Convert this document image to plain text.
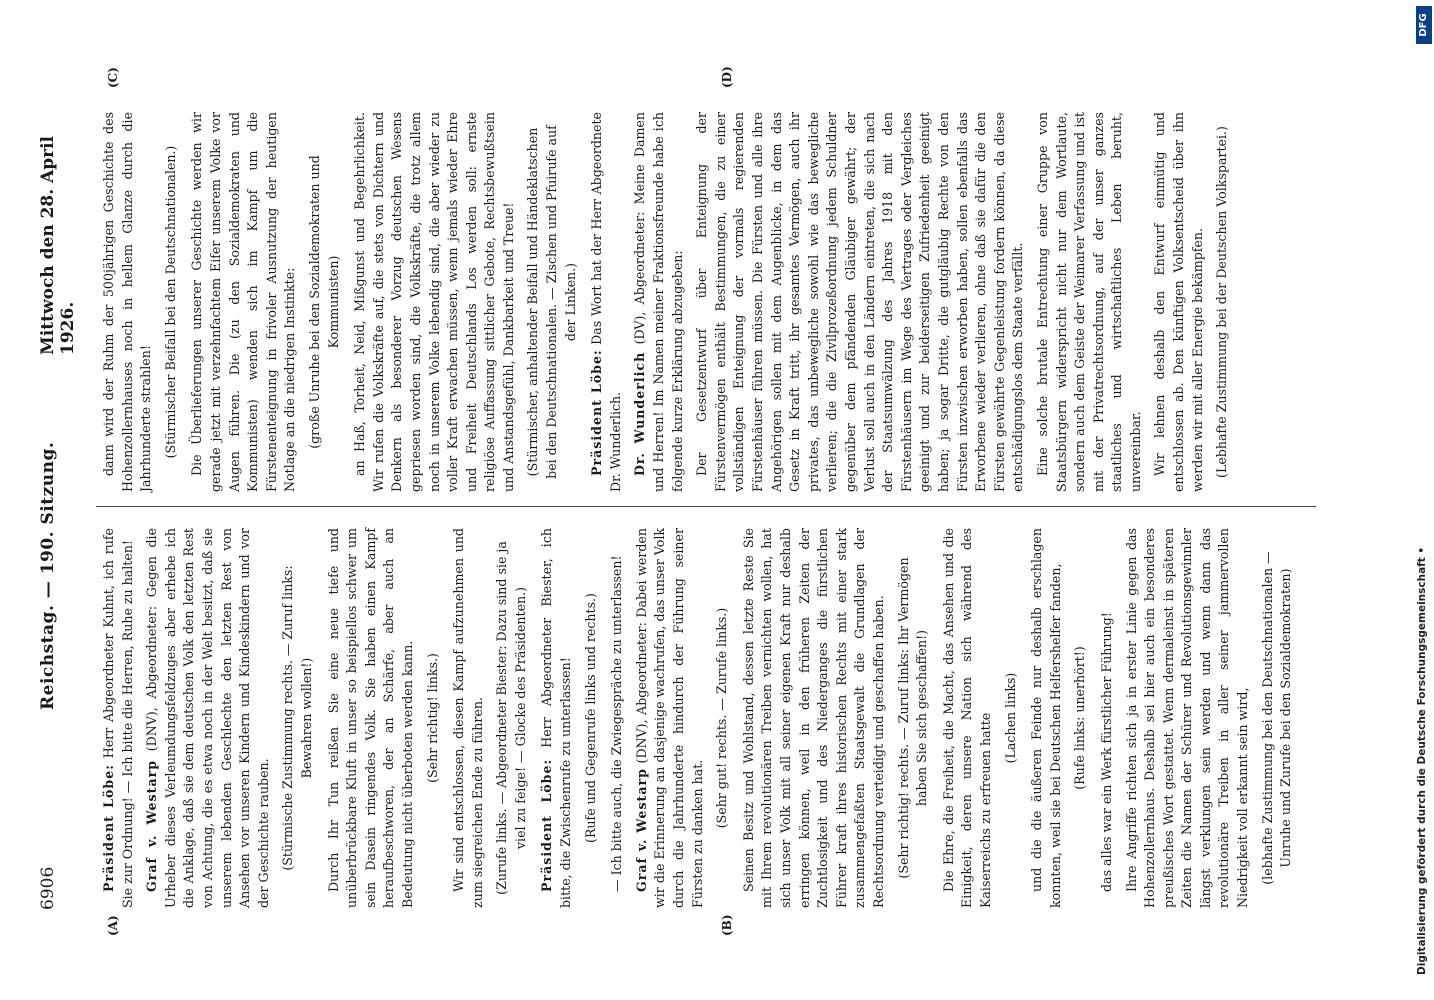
6906
Reichstag. — 190. Sitzung.
Mittwoch den 28. April 1926.
(A)	(B)
(C)	(D)

Präsident Löbe: Herr Abgeordneter Kuhnt, ich rufe Sie zur Ordnung! — Ich bitte die Herren, Ruhe zu halten! Graf v. Westarp (DNV), Abgeordneter: Gegen die Urheber dieses Verleumdungsfeldzuges aber erhebe ich die Anklage, daß sie dem deutschen Volk den letzten Rest von Achtung, die es etwa noch in der Welt besitzt, daß sie unserem lebenden Geschlechte den letzten Rest von Ansehen vor unseren Kindern und Kindeskindern und vor der Geschichte rauben. (Stürmische Zustimmung rechts. — Zuruf links: Bewahren wollen!) Durch Ihr Tun reißen Sie eine neue tiefe und unüberbrückbare Kluft in unser so beispiellos schwer um sein Dasein ringendes Volk. Sie haben einen Kampf heraufbeschworen, der an Schärfe, aber auch an Bedeutung nicht überboten werden kann. (Sehr richtig! links.) Wir sind entschlossen, diesen Kampf aufzunehmen und zum siegreichen Ende zu führen. (Zurufe links. — Abgeordneter Biester: Dazu sind sie ja viel zu feige! — Glocke des Präsidenten.) Präsident Löbe: Herr Abgeordneter Biester, ich bitte, die Zwischenrufe zu unterlassen! (Rufe und Gegenrufe links und rechts.) — Ich bitte auch, die Zwiegespräche zu unterlassen! Graf v. Westarp (DNV), Abgeordneter: Dabei werden wir die Erinnerung an dasjenige wachrufen, das unser Volk durch die Jahrhunderte hindurch der Führung seiner Fürsten zu danken hat.

(Sehr gut! rechts. — Zurufe links.) Seinen Besitz und Wohlstand, dessen letzte Reste Sie mit Ihrem revolutionären Treiben vernichten wollen, hat sich unser Volk mit all seiner eigenen Kraft nur deshalb erringen können, weil in den früheren Zeiten der Zuchtlosigkeit und des Niederganges die fürstlichen Führer kraft ihres historischen Rechts mit einer stark zusammengefaßten Staatsgewalt die Grundlagen der Rechtsordnung verteidigt und geschaffen haben. (Sehr richtig! rechts. — Zuruf links: Ihr Vermögen haben Sie sich geschaffen!) Die Ehre, die Freiheit, die Macht, das Ansehen und die Einigkeit, deren unsere Nation sich während des Kaiserreichs zu erfreuen hatte (Lachen links) und die die äußeren Feinde nur deshalb erschlagen konnten, weil sie bei Deutschen Helfershelfer fanden, (Rufe links: unerhört!) das alles war ein Werk fürstlicher Führung! Ihre Angriffe richten sich ja in erster Linie gegen das Hohenzollernhaus. Deshalb sei hier auch ein besonderes preußisches Wort gestattet. Wenn dermaleinst in späteren Zeiten die Namen der Schürer und Revolutionsgewinnler längst verklungen sein werden und wenn dann das revolutionäre Treiben in aller seiner jammervollen Niedrigkeit voll erkannt sein wird, (lebhafte Zustimmung bei den Deutschnationalen — Unruhe und Zurufe bei den Sozialdemokraten)

dann wird der Ruhm der 500jährigen Geschichte des Hohenzollernhauses noch in hellem Glanze durch die Jahrhunderte strahlen! (Stürmischer Beifall bei den Deutschnationalen.) Die Überlieferungen unserer Geschichte werden wir gerade jetzt mit verzehnfachtem Eifer unserem Volke vor Augen führen. Die (zu den Sozialdemokraten und Kommunisten) wenden sich im Kampf um die Fürstenenteignung in frivoler Ausnutzung der heutigen Notlage an die niedrigen Instinkte: (große Unruhe bei den Sozialdemokraten und Kommunisten) an Haß, Torheit, Neid, Mißgunst und Begehrlichkeit. Wir rufen die Volkskräfte auf, die stets von Dichtern und Denkern als besonderer Vorzug deutschen Wesens gepriesen worden sind, die Volkskräfte, die trotz allem noch in unserem Volke lebendig sind, die aber wieder zu voller Kraft erwachen müssen, wenn jemals wieder Ehre und Freiheit Deutschlands Los werden soll: ernste religiöse Auffassung sittlicher Gebote, Rechtsbewußtsein und Anstandsgefühl, Dankbarkeit und Treue! (Stürmischer, anhaltender Beifall und Händeklatschen bei den Deutschnationalen. — Zischen und Pfuirufe auf der Linken.)

Präsident Löbe: Das Wort hat der Herr Abgeordnete Dr. Wunderlich. Dr. Wunderlich (DV), Abgeordneter: Meine Damen und Herren! Im Namen meiner Fraktionsfreunde habe ich folgende kurze Erklärung abzugeben: Der Gesetzentwurf über Enteignung der Fürstenvermögen enthält Bestimmungen, die zu einer vollständigen Enteignung der vormals regierenden Fürstenhäuser führen müssen. Die Fürsten und alle ihre Angehörigen sollen mit dem Augenblicke, in dem das Gesetz in Kraft tritt, ihr gesamtes Vermögen, auch ihr privates, das unbewegliche sowohl wie das bewegliche verlieren; die die Zivilprozeßordnung jedem Schuldner gegenüber dem pfändenden Gläubiger gewährt; der Verlust soll auch in den Ländern eintreten, die sich nach der Staatsumwälzung des Jahres 1918 mit den Fürstenhäusern im Wege des Vertrages oder Vergleiches geeinigt und zur beiderseitigen Zufriedenheit geeinigt haben; ja sogar Dritte, die gutgläubig Rechte von den Fürsten inzwischen erworben haben, sollen ebenfalls das Erworbene wieder verlieren, ohne daß sie dafür die den Fürsten gewährte Gegenleistung fordern können, da diese entschädigungslos dem Staate verfällt. Eine solche brutale Entrechtung einer Gruppe von Staatsbürgern widerspricht nicht nur dem Wortlaute, sondern auch dem Geiste der Weimarer Verfassung und ist mit der Privatrechtsordnung, auf der unser ganzes staatliches und wirtschaftliches Leben beruht, unvereinbar. Wir lehnen deshalb den Entwurf einmütig und entschlossen ab. Den künftigen Volksentscheid über ihn werden wir mit aller Energie bekämpfen. (Lebhafte Zustimmung bei der Deutschen Volkspartei.)

Digitalisierung gefördert durch die Deutsche Forschungsgemeinschaft •
DFG
